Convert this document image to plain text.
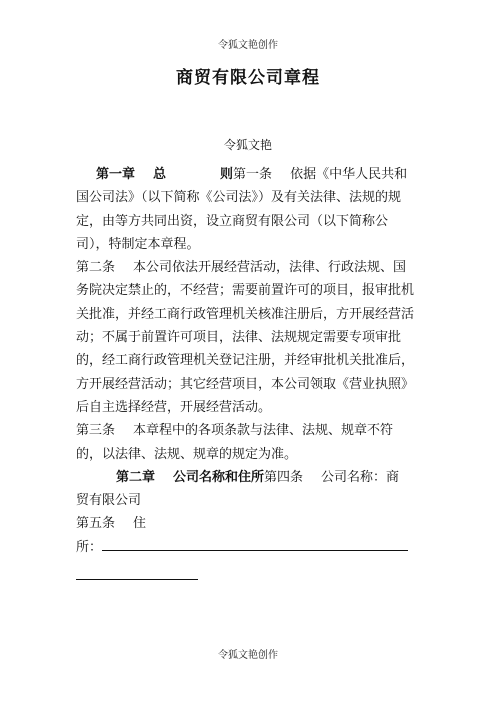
令狐文艳创作
商贸有限公司章程
令狐文艳

第一章 总	则第一条 依据《中华人民共和

国公司法》（以下简称《公司法》）及有关法律、法规的规定，由等方共同出资，设立商贸有限公司（以下简称公司），特制定本章程。

第二条 本公司依法开展经营活动，法律、行政法规、国务院决定禁止的，不经营；需要前置许可的项目，报审批机关批准，并经工商行政管理机关核准注册后，方开展经营活动；不属于前置许可项目，法律、法规规定需要专项审批的，经工商行政管理机关登记注册，并经审批机关批准后，方开展经营活动；其它经营项目，本公司领取《营业执照》后自主选择经营，开展经营活动。

第三条 本章程中的各项条款与法律、法规、规章不符的，以法律、法规、规章的规定为准。

第二章 公司名称和住所第四条 公司名称：商

贸有限公司

第五条 住

所：

令狐文艳创作
